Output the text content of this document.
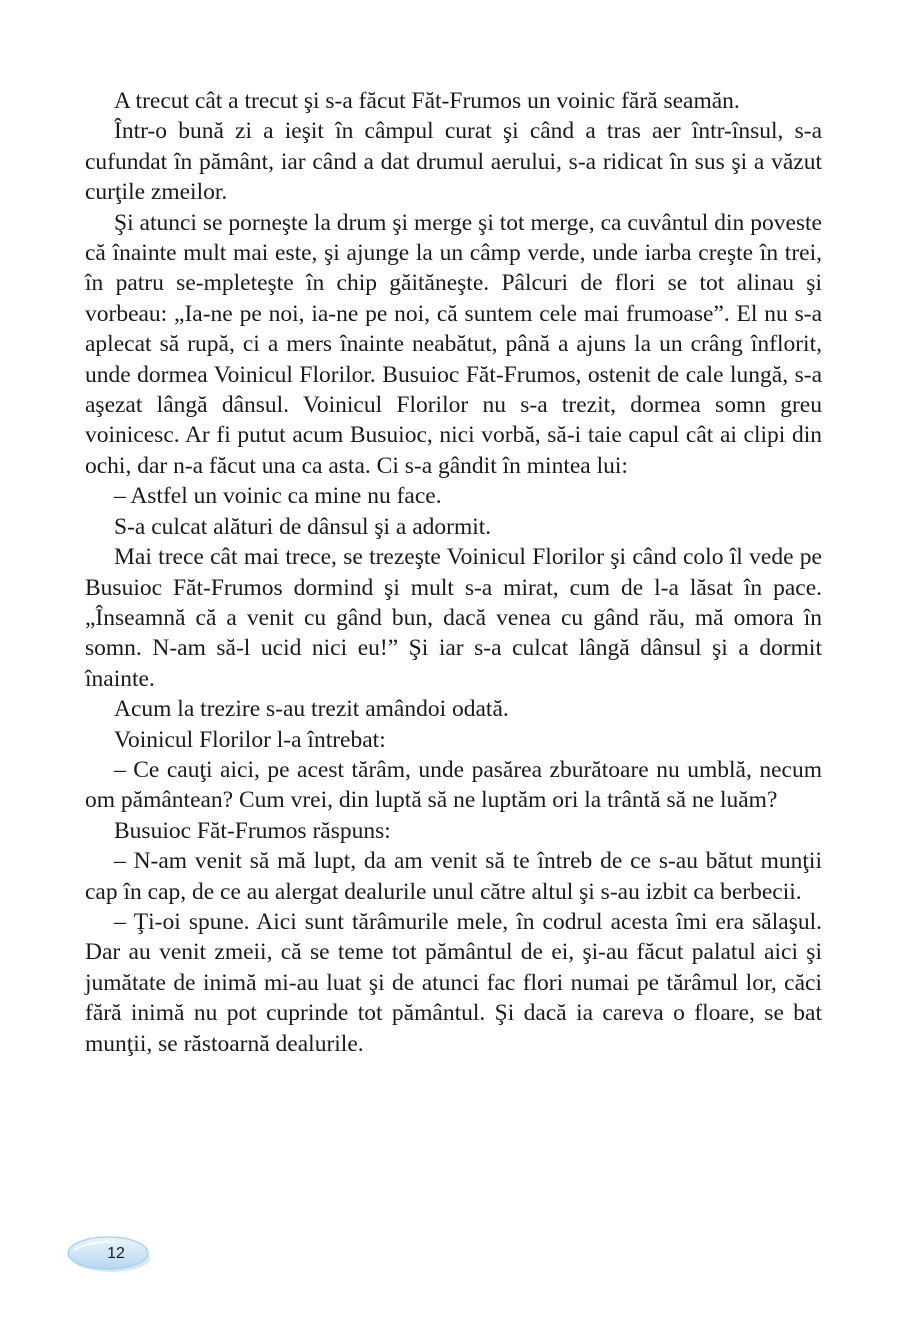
A trecut cât a trecut şi s-a făcut Făt-Frumos un voinic fără seamăn.

Într-o bună zi a ieşit în câmpul curat şi când a tras aer într-însul, s-a cufundat în pământ, iar când a dat drumul aerului, s-a ridicat în sus şi a văzut curţile zmeilor.

Şi atunci se porneşte la drum şi merge şi tot merge, ca cuvântul din poveste că înainte mult mai este, şi ajunge la un câmp verde, unde iarba creşte în trei, în patru se-mpleteşte în chip găităneşte. Pâlcuri de flori se tot alinau şi vorbeau: „Ia-ne pe noi, ia-ne pe noi, că suntem cele mai frumoase”. El nu s-a aplecat să rupă, ci a mers înainte neabătut, până a ajuns la un crâng înflorit, unde dormea Voinicul Florilor. Busuioc Făt-Frumos, ostenit de cale lungă, s-a aşezat lângă dânsul. Voinicul Florilor nu s-a trezit, dormea somn greu voinicesc. Ar fi putut acum Busuioc, nici vorbă, să-i taie capul cât ai clipi din ochi, dar n-a făcut una ca asta. Ci s-a gândit în mintea lui:

– Astfel un voinic ca mine nu face.

S-a culcat alături de dânsul şi a adormit.

Mai trece cât mai trece, se trezeşte Voinicul Florilor şi când colo îl vede pe Busuioc Făt-Frumos dormind şi mult s-a mirat, cum de l-a lăsat în pace. „Înseamnă că a venit cu gând bun, dacă venea cu gând rău, mă omora în somn. N-am să-l ucid nici eu!” Şi iar s-a culcat lângă dânsul şi a dormit înainte.

Acum la trezire s-au trezit amândoi odată.

Voinicul Florilor l-a întrebat:

– Ce cauţi aici, pe acest tărâm, unde pasărea zburătoare nu umblă, necum om pământean? Cum vrei, din luptă să ne luptăm ori la trântă să ne luăm?

Busuioc Făt-Frumos răspuns:

– N-am venit să mă lupt, da am venit să te întreb de ce s-au bătut munţii cap în cap, de ce au alergat dealurile unul către altul şi s-au izbit ca berbecii.

– Ţi-oi spune. Aici sunt tărâmurile mele, în codrul acesta îmi era sălaşul. Dar au venit zmeii, că se teme tot pământul de ei, şi-au făcut palatul aici şi jumătate de inimă mi-au luat şi de atunci fac flori numai pe tărâmul lor, căci fără inimă nu pot cuprinde tot pământul. Şi dacă ia careva o floare, se bat munţii, se răstoarnă dealurile.

12
